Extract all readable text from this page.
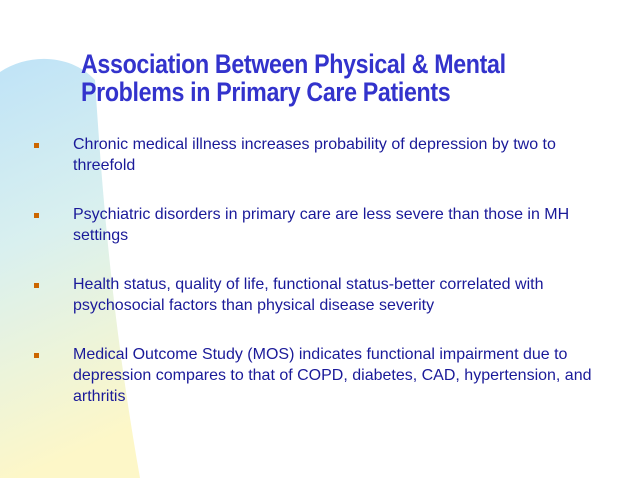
Association Between Physical & Mental
Problems in Primary Care Patients
Chronic medical illness increases probability of depression by two to threefold
Psychiatric disorders in primary care are less severe than those in MH settings
Health status, quality of life, functional status-better correlated with psychosocial factors than physical disease severity
Medical Outcome Study (MOS) indicates functional impairment due to depression compares to that of COPD, diabetes, CAD, hypertension, and arthritis
